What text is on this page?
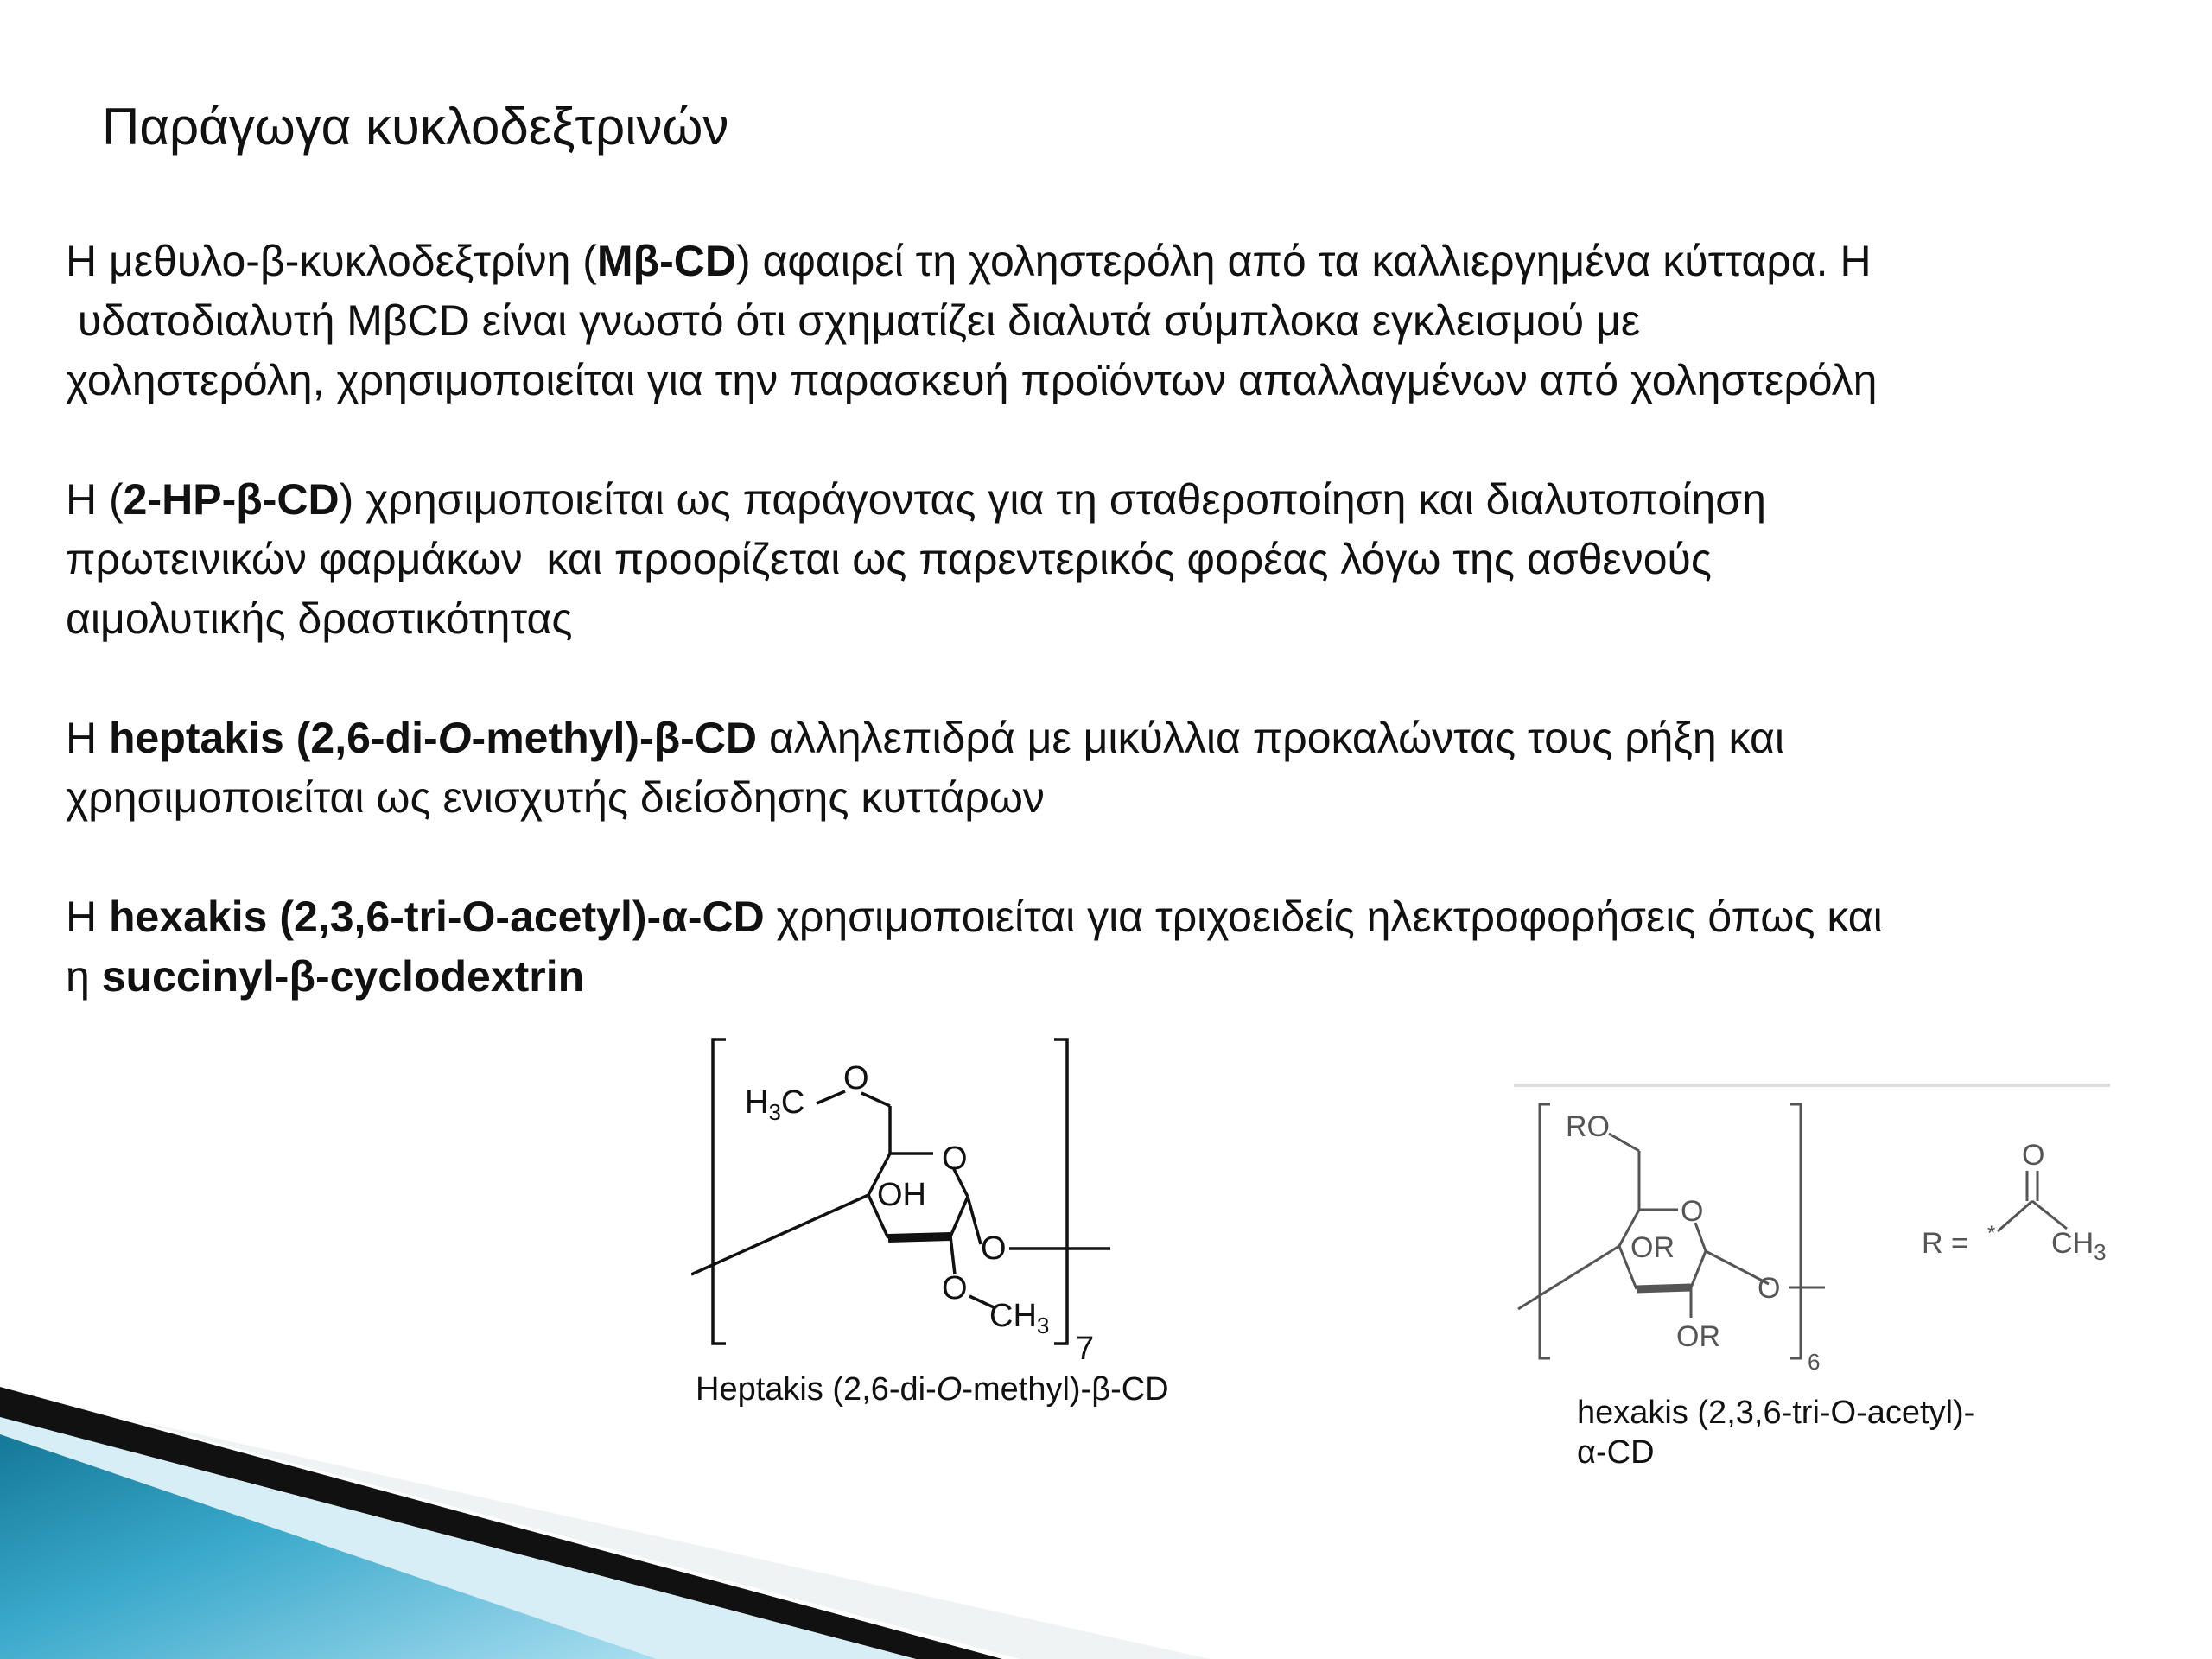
Παράγωγα κυκλοδεξτρινών

Η μεθυλο-β-κυκλοδεξτρίνη (Μβ-CD) αφαιρεί τη χοληστερόλη από τα καλλιεργημένα κύτταρα. Η
υδατοδιαλυτή ΜβCD είναι γνωστό ότι σχηματίζει διαλυτά σύμπλοκα εγκλεισμού με
χοληστερόλη, χρησιμοποιείται για την παρασκευή προϊόντων απαλλαγμένων από χοληστερόλη

Η (2-HP-β-CD) χρησιμοποιείται ως παράγοντας για τη σταθεροποίηση και διαλυτοποίηση
πρωτεινικών φαρμάκων  και προορίζεται ως παρεντερικός φορέας λόγω της ασθενούς
αιμολυτικής δραστικότητας

Η heptakis (2,6-di-O-methyl)-β-CD αλληλεπιδρά με μικύλλια προκαλώντας τους ρήξη και
χρησιμοποιείται ως ενισχυτής διείσδησης κυττάρων

Η hexakis (2,3,6-tri-O-acetyl)-α-CD χρησιμοποιείται για τριχοειδείς ηλεκτροφορήσεις όπως και
η succinyl-β-cyclodextrin

$H_3C$
O
O
OH
O
O
$CH_3$
7
Heptakis (2,6-di-O-methyl)-β-CD
RO
O
OR
O
OR
6
R = *
O
$CH_3$
hexakis (2,3,6-tri-O-acetyl)-
α-CD
